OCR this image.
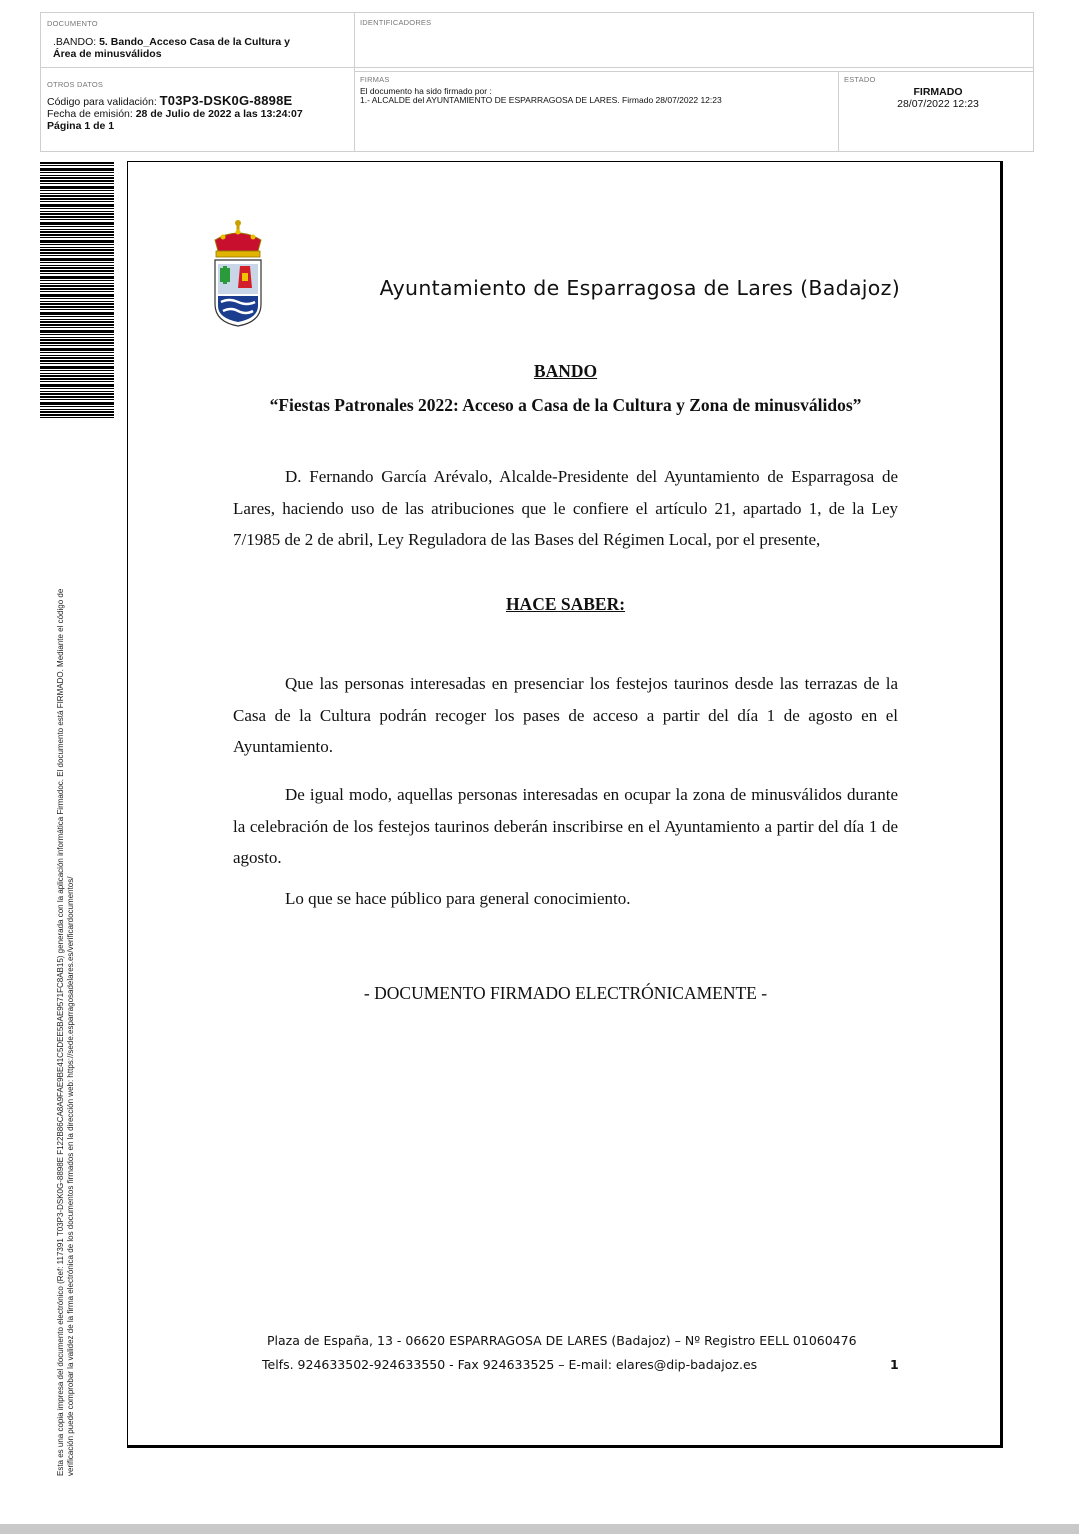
DOCUMENTO
.BANDO: 5. Bando_Acceso Casa de la Cultura y
Área de minusválidos
IDENTIFICADORES
OTROS DATOS
Código para validación: T03P3-DSK0G-8898E
Fecha de emisión: 28 de Julio de 2022 a las 13:24:07
Página 1 de 1
FIRMAS
El documento ha sido firmado por :
1.- ALCALDE del AYUNTAMIENTO DE ESPARRAGOSA DE LARES. Firmado 28/07/2022 12:23
ESTADO
FIRMADO
28/07/2022 12:23
Esta es una copia impresa del documento electrónico (Ref: 117391 T03P3-DSK0G-8898E F122B86CA8A9FAE9BE41C5DEE5BAE9571FC8AB15) generada con la aplicación informática Firmadoc. El documento está FIRMADO. Mediante el código de verificación puede comprobar la validez de la firma electrónica de los documentos firmados en la dirección web: https://sede.esparragosadelares.es/verificardocumentos/
Ayuntamiento de Esparragosa de Lares (Badajoz)
BANDO
“Fiestas Patronales 2022: Acceso a Casa de la Cultura y Zona de minusválidos”
D. Fernando García Arévalo, Alcalde-Presidente del Ayuntamiento de Esparragosa de Lares, haciendo uso de las atribuciones que le confiere el artículo 21, apartado 1, de la Ley 7/1985 de 2 de abril, Ley Reguladora de las Bases del Régimen Local, por el presente,
HACE SABER:
Que las personas interesadas en presenciar los festejos taurinos desde las terrazas de la Casa de la Cultura podrán recoger los pases de acceso a partir del día 1 de agosto en el Ayuntamiento.
De igual modo, aquellas personas interesadas en ocupar la zona de minusválidos durante la celebración de los festejos taurinos deberán inscribirse en el Ayuntamiento a partir del día 1 de agosto.
Lo que se hace público para general conocimiento.
- DOCUMENTO FIRMADO ELECTRÓNICAMENTE -
Plaza de España, 13 - 06620 ESPARRAGOSA DE LARES (Badajoz) – Nº Registro EELL 01060476
Telfs. 924633502-924633550 - Fax 924633525 – E-mail: elares@dip-badajoz.es	1
